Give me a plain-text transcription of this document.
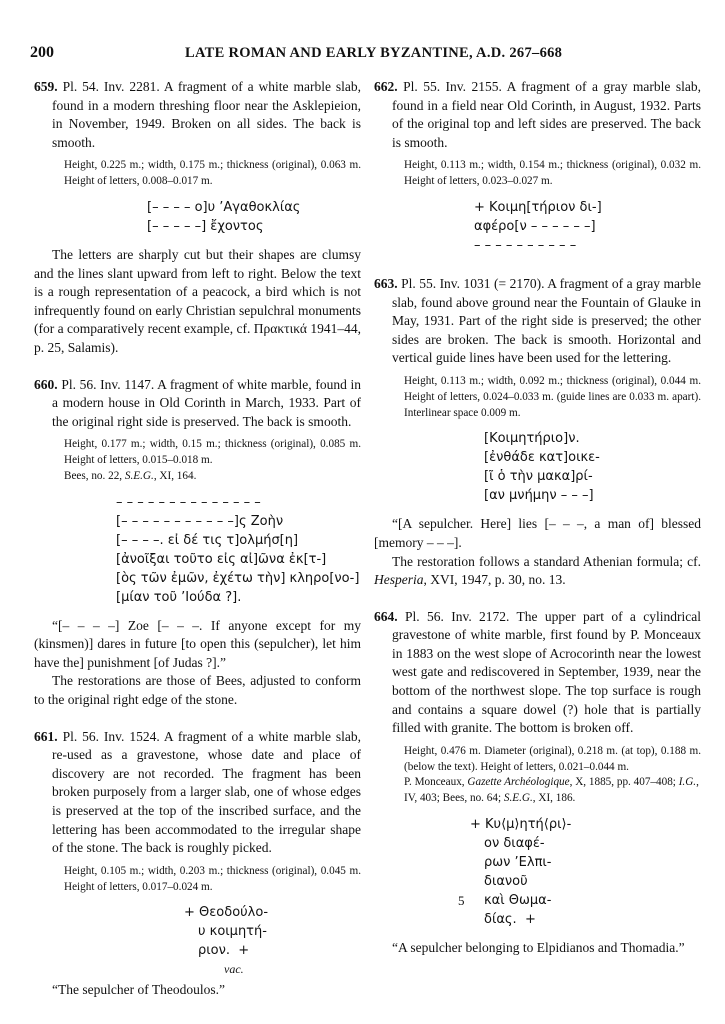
200	LATE ROMAN AND EARLY BYZANTINE, A.D. 267–668

659. Pl. 54. Inv. 2281. A fragment of a white marble slab, found in a modern threshing floor near the Asklepieion, in November, 1949. Broken on all sides. The back is smooth.

Height, 0.225 m.; width, 0.175 m.; thickness (original), 0.063 m. Height of letters, 0.008–0.017 m.

[– – – – ο]υ ’Αγαθοκλίας
[– – – – –] ἔχοντος

The letters are sharply cut but their shapes are clumsy and the lines slant upward from left to right. Below the text is a rough representation of a peacock, a bird which is not infrequently found on early Christian sepulchral monuments (for a comparatively recent example, cf. Πρακτικά 1941–44, p. 25, Salamis).

660. Pl. 56. Inv. 1147. A fragment of white marble, found in a modern house in Old Corinth in March, 1933. Part of the original right side is preserved. The back is smooth.

Height, 0.177 m.; width, 0.15 m.; thickness (original), 0.085 m. Height of letters, 0.015–0.018 m.

Bees, no. 22, S.E.G., XI, 164.

– – – – – – – – – – – – – –
[– – – – – – – – – – –]ς Ζοὴν
[– – – –. εἰ δέ τις τ]ολμήσ[η]
[ἀνοῖξαι τοῦτο εἰς αἰ]ῶνα ἐκ[τ-]
[ὸς τῶν ἐμῶν, ἐχέτω τὴν] κληρο[νο-]
[μίαν τοῦ ’Ιούδα ?].

“[– – – –] Zoe [– – –. If anyone except for my (kinsmen)] dares in future [to open this (sepulcher), let him have the] punishment [of Judas ?].”

The restorations are those of Bees, adjusted to conform to the original right edge of the stone.

661. Pl. 56. Inv. 1524. A fragment of a white marble slab, re-used as a gravestone, whose date and place of discovery are not recorded. The fragment has been broken purposely from a larger slab, one of whose edges is preserved at the top of the inscribed surface, and the lettering has been accommodated to the irregular shape of the stone. The back is roughly picked.

Height, 0.105 m.; width, 0.203 m.; thickness (original), 0.045 m. Height of letters, 0.017–0.024 m.

+ Θεοδούλο-
υ κοιμητή-
ριον.  +
vac.

“The sepulcher of Theodoulos.”

662. Pl. 55. Inv. 2155. A fragment of a gray marble slab, found in a field near Old Corinth, in August, 1932. Parts of the original top and left sides are preserved. The back is smooth.

Height, 0.113 m.; width, 0.154 m.; thickness (original), 0.032 m. Height of letters, 0.023–0.027 m.

+ Κοιμη[τήριον δι-]
αφέρο[ν – – – – – –]
– – – – – – – – – –

663. Pl. 55. Inv. 1031 (= 2170). A fragment of a gray marble slab, found above ground near the Fountain of Glauke in May, 1931. Part of the right side is preserved; the other sides are broken. The back is smooth. Horizontal and vertical guide lines have been used for the lettering.

Height, 0.113 m.; width, 0.092 m.; thickness (original), 0.044 m. Height of letters, 0.024–0.033 m. (guide lines are 0.033 m. apart). Interlinear space 0.009 m.

[Κοιμητήριο]ν.
[ἐνθάδε κατ]οικε-
[ῖ ὁ τὴν μακα]ρί-
[αν μνήμην – – –]

“[A sepulcher. Here] lies [– – –, a man of] blessed [memory – – –].

The restoration follows a standard Athenian formula; cf. Hesperia, XVI, 1947, p. 30, no. 13.

664. Pl. 56. Inv. 2172. The upper part of a cylindrical gravestone of white marble, first found by P. Monceaux in 1883 on the west slope of Acrocorinth near the lowest west gate and rediscovered in September, 1939, near the bottom of the northwest slope. The top surface is rough and contains a square dowel (?) hole that is partially filled with granite. The bottom is broken off.

Height, 0.476 m. Diameter (original), 0.218 m. (at top), 0.188 m. (below the text). Height of letters, 0.021–0.044 m.

P. Monceaux, Gazette Archéologique, X, 1885, pp. 407–408; I.G., IV, 403; Bees, no. 64; S.E.G., XI, 186.

+ Κυ⟨μ⟩ητή⟨ρι⟩-
ον διαφέ-
ρων ’Ελπι-
διανοῦ
5 καὶ Θωμα-
δίας.  +

“A sepulcher belonging to Elpidianos and Thomadia.”
